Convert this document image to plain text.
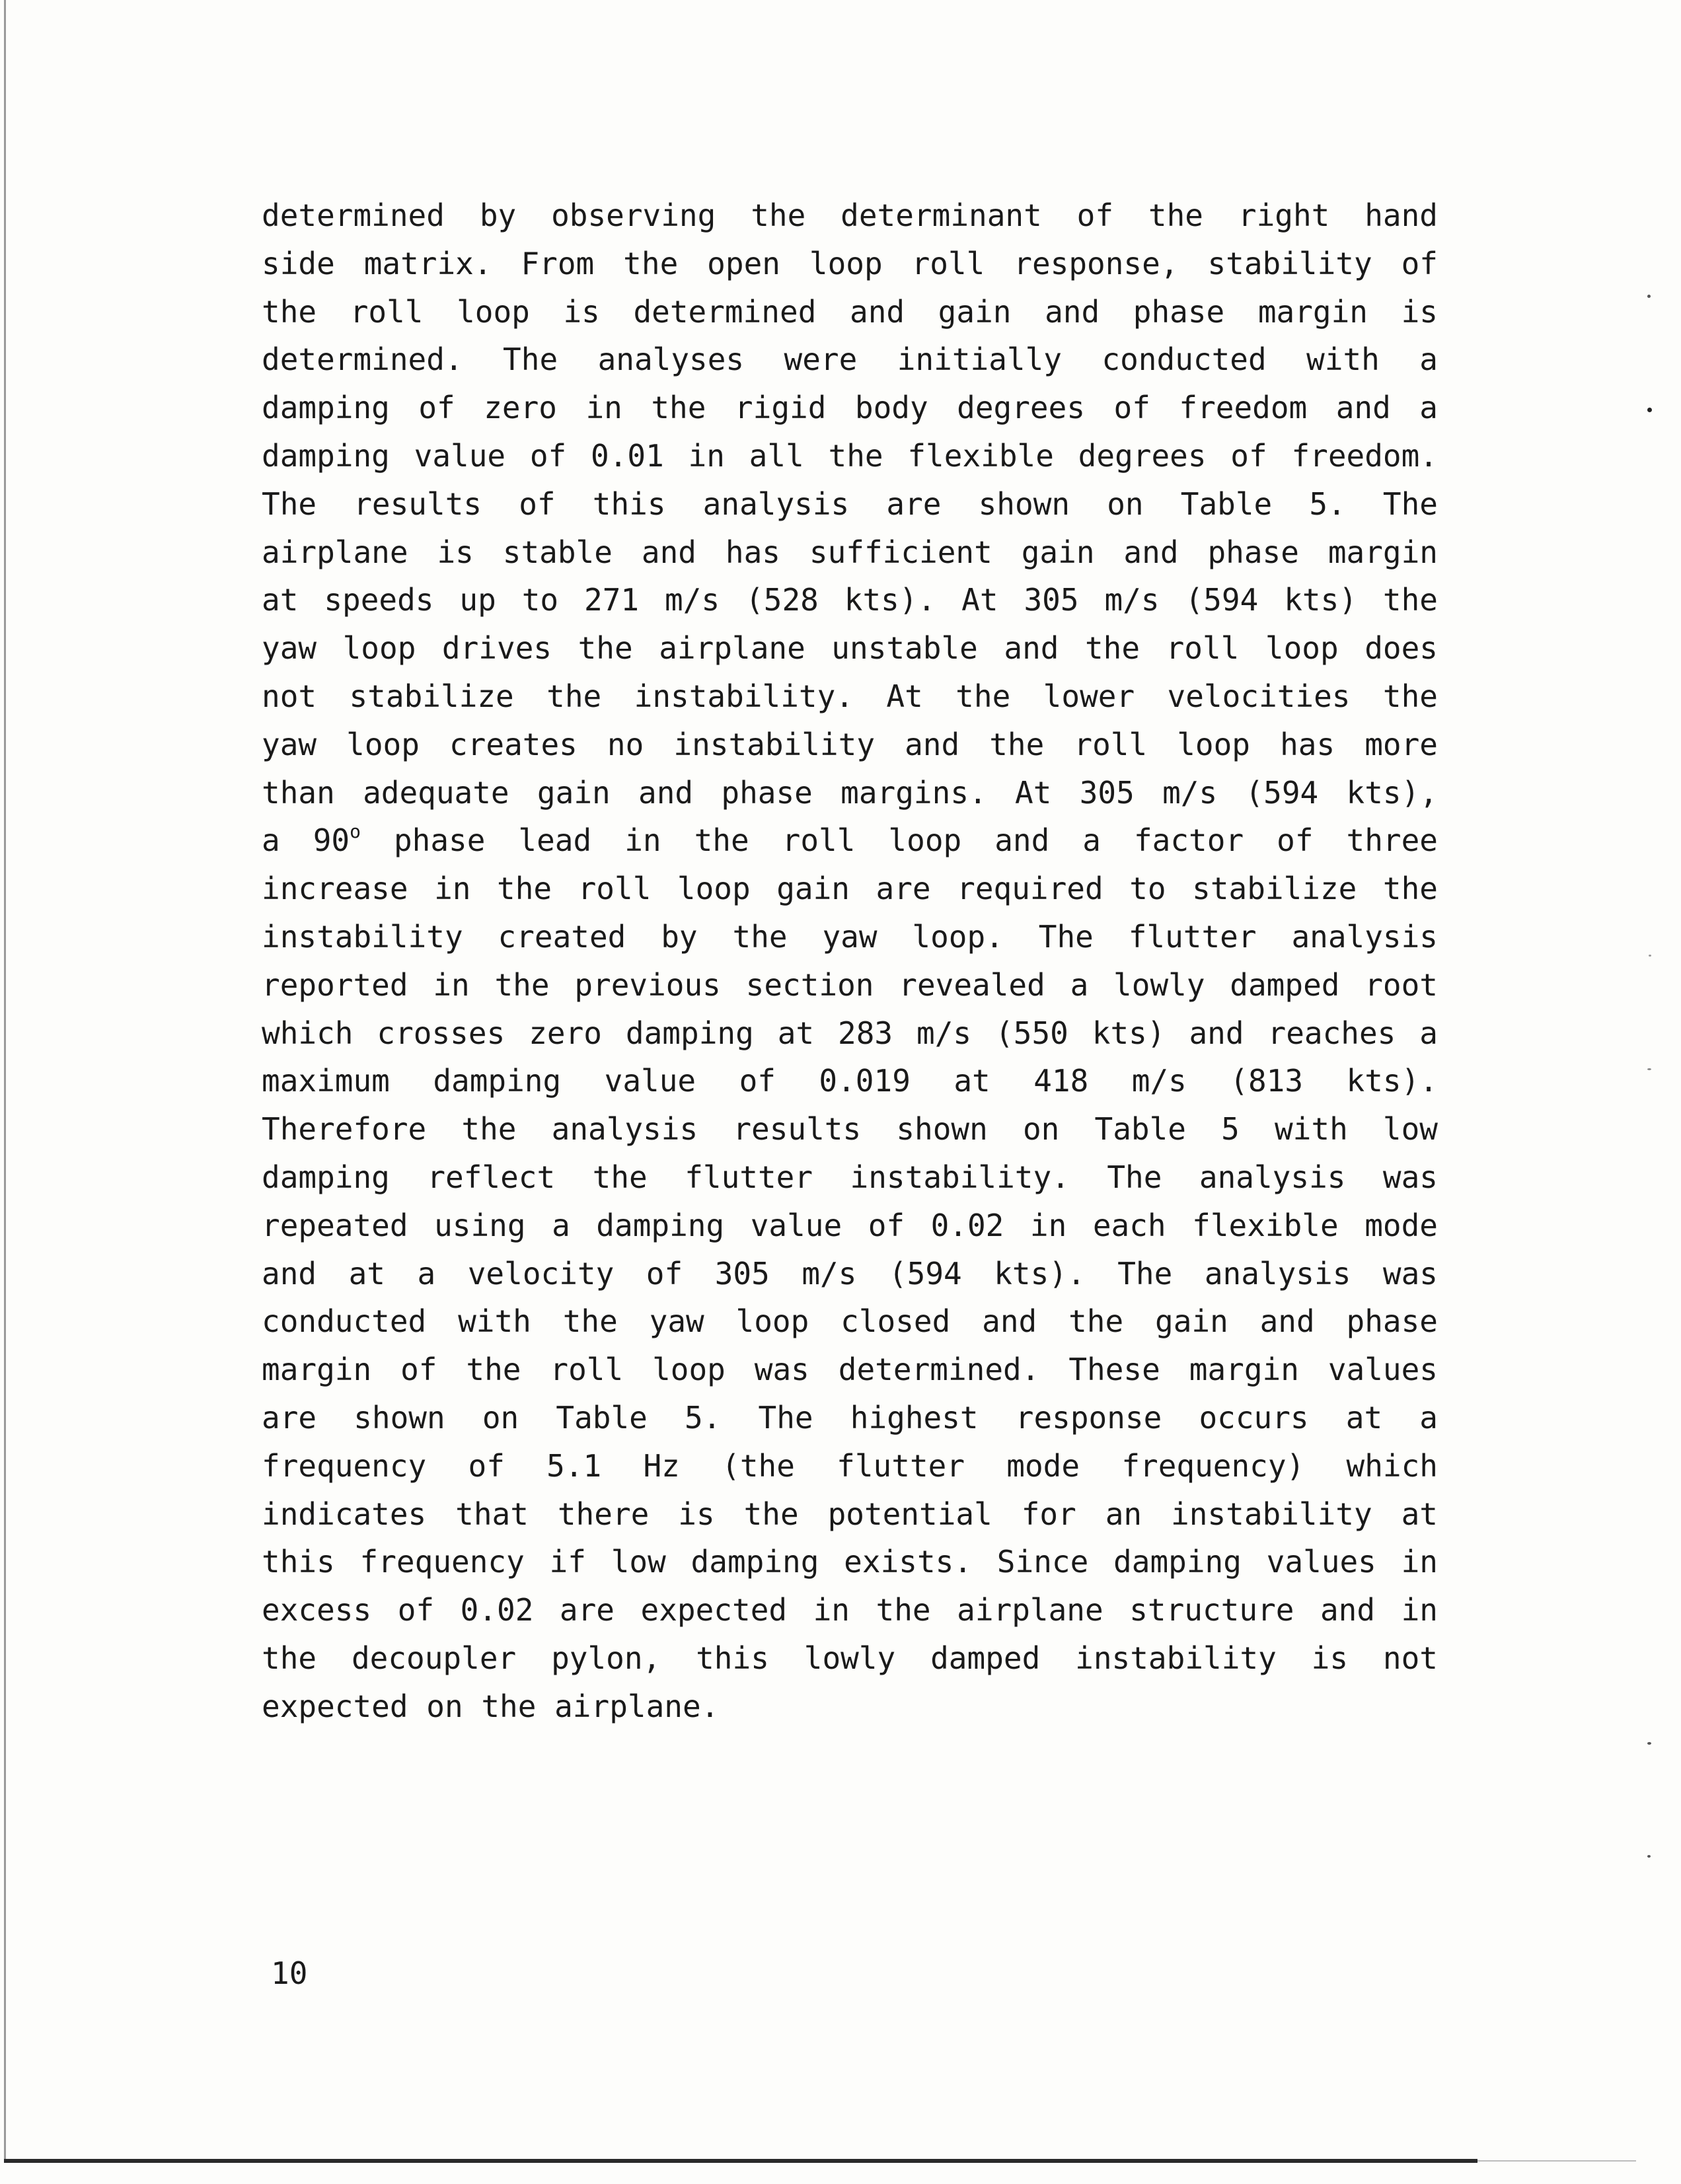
determined by observing the determinant of the right hand
side matrix. From the open loop roll response, stability of
the roll loop is determined and gain and phase margin is
determined. The analyses were initially conducted with a
damping of zero in the rigid body degrees of freedom and a
damping value of 0.01 in all the flexible degrees of freedom.
The results of this analysis are shown on Table 5. The
airplane is stable and has sufficient gain and phase margin
at speeds up to 271 m/s (528 kts). At 305 m/s (594 kts) the
yaw loop drives the airplane unstable and the roll loop does
not stabilize the instability. At the lower velocities the
yaw loop creates no instability and the roll loop has more
than adequate gain and phase margins. At 305 m/s (594 kts),
a 90$^o$ phase lead in the roll loop and a factor of three
increase in the roll loop gain are required to stabilize the
instability created by the yaw loop. The flutter analysis
reported in the previous section revealed a lowly damped root
which crosses zero damping at 283 m/s (550 kts) and reaches a
maximum damping value of 0.019 at 418 m/s (813 kts).
Therefore the analysis results shown on Table 5 with low
damping reflect the flutter instability. The analysis was
repeated using a damping value of 0.02 in each flexible mode
and at a velocity of 305 m/s (594 kts). The analysis was
conducted with the yaw loop closed and the gain and phase
margin of the roll loop was determined. These margin values
are shown on Table 5. The highest response occurs at a
frequency of 5.1 Hz (the flutter mode frequency) which
indicates that there is the potential for an instability at
this frequency if low damping exists. Since damping values in
excess of 0.02 are expected in the airplane structure and in
the decoupler pylon, this lowly damped instability is not
expected on the airplane.
10
